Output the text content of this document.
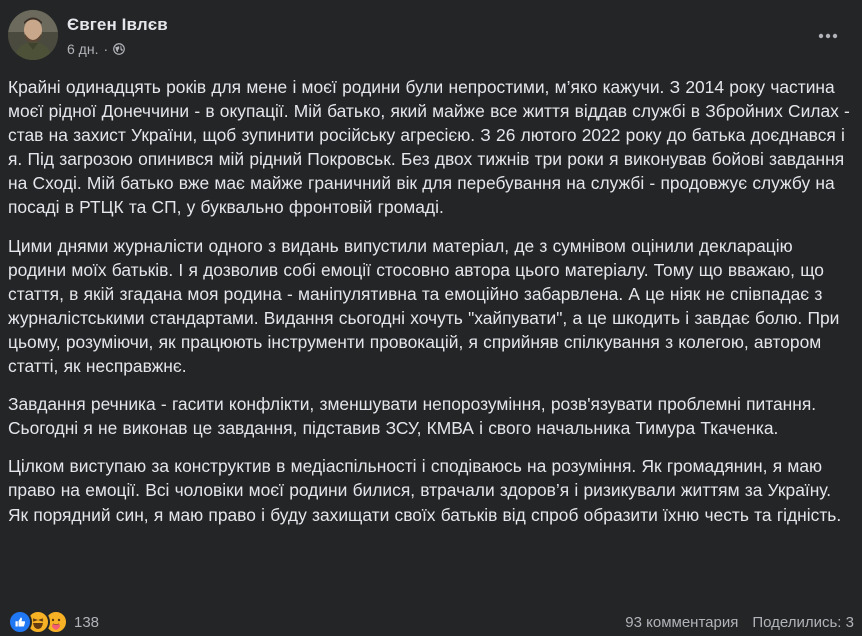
Євген Івлєв
6 дн. ·

Крайні одинадцять років для мене і моєї родини були непростими, м’яко кажучи. З 2014 року частина моєї рідної Донеччини - в окупації. Мій батько, який майже все життя віддав службі в Збройних Силах - став на захист України, щоб зупинити російську агресією. З 26 лютого 2022 року до батька доєднався і я. Під загрозою опинився мій рідний Покровськ. Без двох тижнів три роки я виконував бойові завдання на Сході. Мій батько вже має майже граничний вік для перебування на службі - продовжує службу на посаді в РТЦК та СП, у буквально фронтовій громаді.

Цими днями журналісти одного з видань випустили матеріал, де з сумнівом оцінили декларацію родини моїх батьків. І я дозволив собі емоції стосовно автора цього матеріалу. Тому що вважаю, що стаття, в якій згадана моя родина - маніпулятивна та емоційно забарвлена. А це ніяк не співпадає з журналістськими стандартами. Видання сьогодні хочуть "хайпувати", а це шкодить і завдає болю. При цьому, розуміючи, як працюють інструменти провокацій, я сприйняв спілкування з колегою, автором статті, як несправжнє.

Завдання речника - гасити конфлікти, зменшувати непорозуміння, розв'язувати проблемні питання. Сьогодні я не виконав це завдання, підставив ЗСУ, КМВА і свого начальника Тимура Ткаченка.

Цілком виступаю за конструктив в медіаспільності і сподіваюсь на розуміння. Як громадянин, я маю право на емоції. Всі чоловіки моєї родини билися, втрачали здоров’я і ризикували життям за Україну. Як порядний син, я маю право і буду захищати своїх батьків від спроб образити їхню честь та гідність.

138	93 комментария Поделились: 3
